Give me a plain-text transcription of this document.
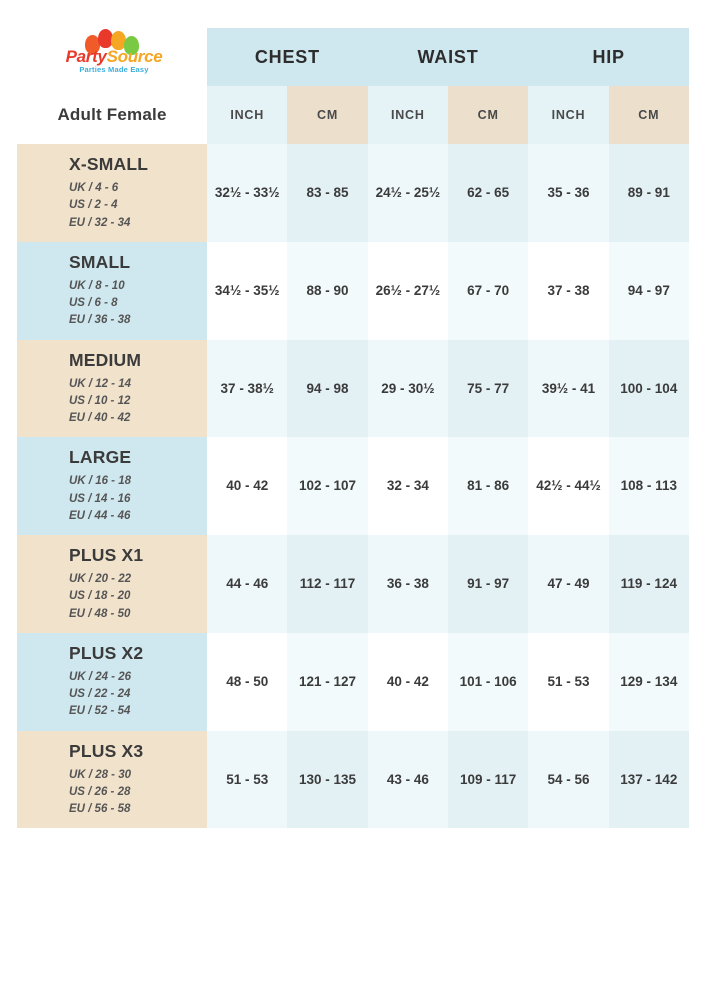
PartySource
Parties Made Easy	CHEST		WAIST		HIP	
Adult Female	INCH	CM	INCH	CM	INCH	CM

X-SMALL
UK / 4 - 6
US / 2 - 4
EU / 32 - 34	32½ - 33½	83 - 85	24½ - 25½	62 - 65	35 - 36	89 - 91

SMALL
UK / 8 - 10
US / 6 - 8
EU / 36 - 38	34½ - 35½	88 - 90	26½ - 27½	67 - 70	37 - 38	94 - 97

MEDIUM
UK / 12 - 14
US / 10 - 12
EU / 40 - 42	37 - 38½	94 - 98	29 - 30½	75 - 77	39½ - 41	100 - 104

LARGE
UK / 16 - 18
US / 14 - 16
EU / 44 - 46	40 - 42	102 - 107	32 - 34	81 - 86	42½ - 44½	108 - 113

PLUS X1
UK / 20 - 22
US / 18 - 20
EU / 48 - 50	44 - 46	112 - 117	36 - 38	91 - 97	47 - 49	119 - 124

PLUS X2
UK / 24 - 26
US / 22 - 24
EU / 52 - 54	48 - 50	121 - 127	40 - 42	101 - 106	51 - 53	129 - 134

PLUS X3
UK / 28 - 30
US / 26 - 28
EU / 56 - 58	51 - 53	130 - 135	43 - 46	109 - 117	54 - 56	137 - 142
